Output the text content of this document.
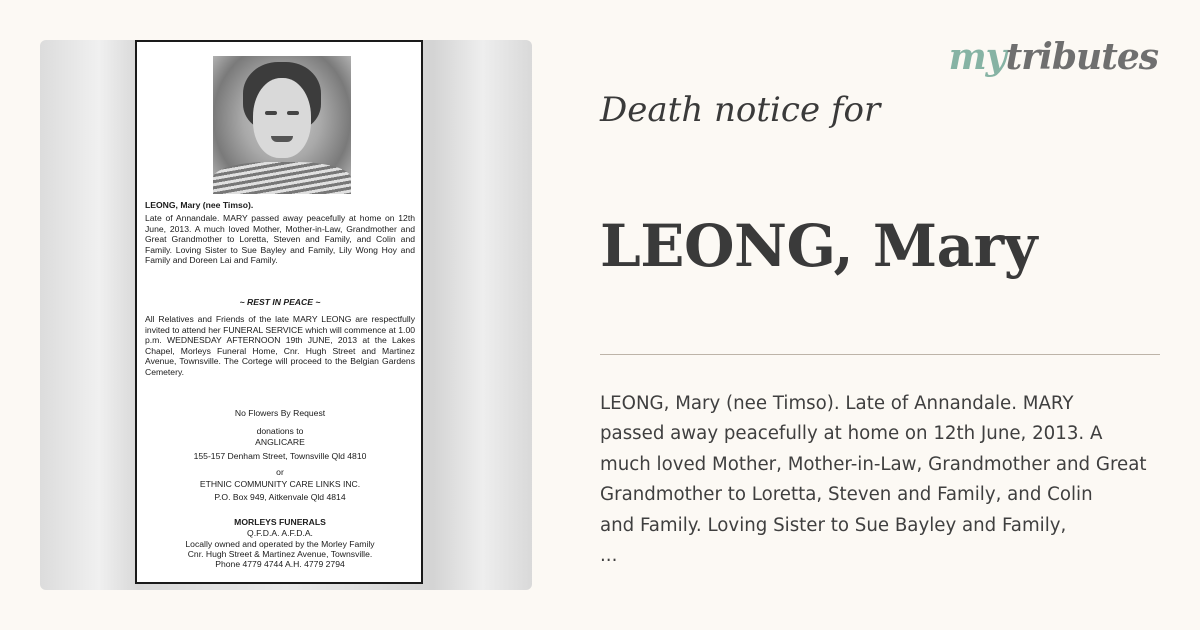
LEONG, Mary (nee Timso).
Late of Annandale. MARY passed away peacefully at home on 12th June, 2013. A much loved Mother, Mother-in-Law, Grandmother and Great Grandmother to Loretta, Steven and Family, and Colin and Family. Loving Sister to Sue Bayley and Family, Lily Wong Hoy and Family and Doreen Lai and Family.
~ REST IN PEACE ~
All Relatives and Friends of the late MARY LEONG are respectfully invited to attend her FUNERAL SERVICE which will commence at 1.00 p.m. WEDNESDAY AFTERNOON 19th JUNE, 2013 at the Lakes Chapel, Morleys Funeral Home, Cnr. Hugh Street and Martinez Avenue, Townsville. The Cortege will proceed to the Belgian Gardens Cemetery.
No Flowers By Request
donations to
ANGLICARE
155-157 Denham Street, Townsville Qld 4810
or
ETHNIC COMMUNITY CARE LINKS INC.
P.O. Box 949, Aitkenvale Qld 4814
MORLEYS FUNERALS
Q.F.D.A. A.F.D.A.
Locally owned and operated by the Morley Family
Cnr. Hugh Street & Martinez Avenue, Townsville.
Phone 4779 4744 A.H. 4779 2794
mytributes
Death notice for
LEONG, Mary
LEONG, Mary (nee Timso). Late of Annandale. MARY
passed away peacefully at home on 12th June, 2013. A
much loved Mother, Mother-in-Law, Grandmother and Great
Grandmother to Loretta, Steven and Family, and Colin
and Family. Loving Sister to Sue Bayley and Family,
...
